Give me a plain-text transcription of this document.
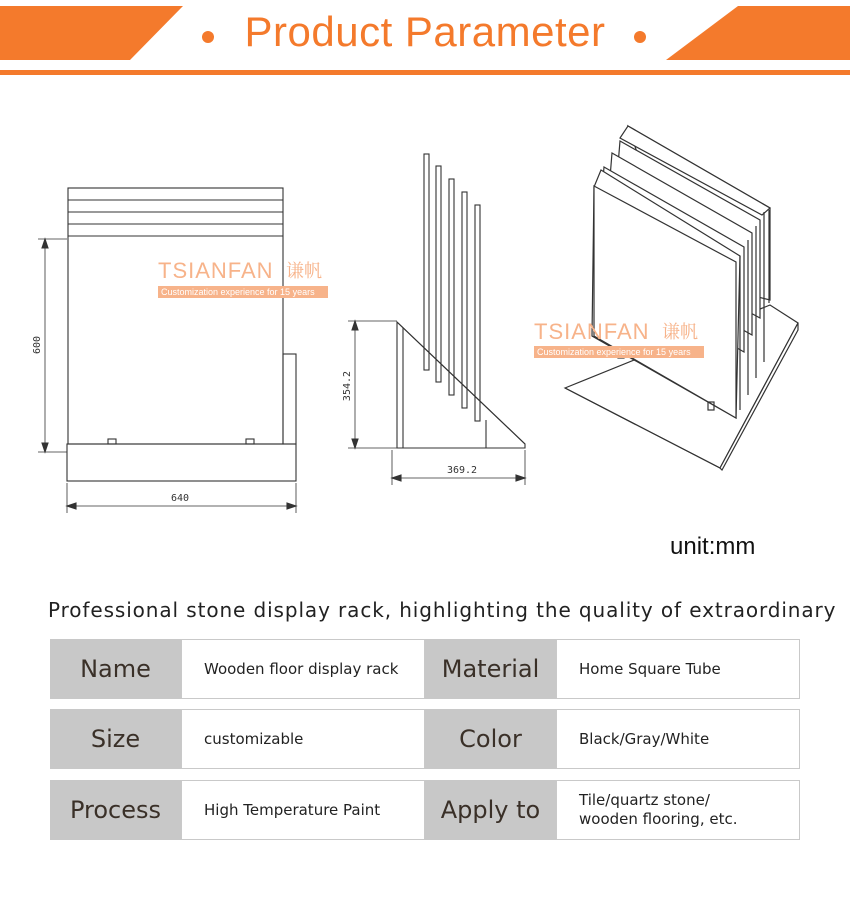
Product Parameter
600
640
TSIANFAN 谦帆
Customization experience for 15 years
354.2
369.2
TSIANFAN 谦帆
Customization experience for 15 years
unit:mm
Professional stone display rack, highlighting the quality of extraordinary
Name	Wooden floor display rack	Material	Home Square Tube
Size	customizable	Color	Black/Gray/White
Process	High Temperature Paint	Apply to	Tile/quartz stone/
wooden flooring, etc.
